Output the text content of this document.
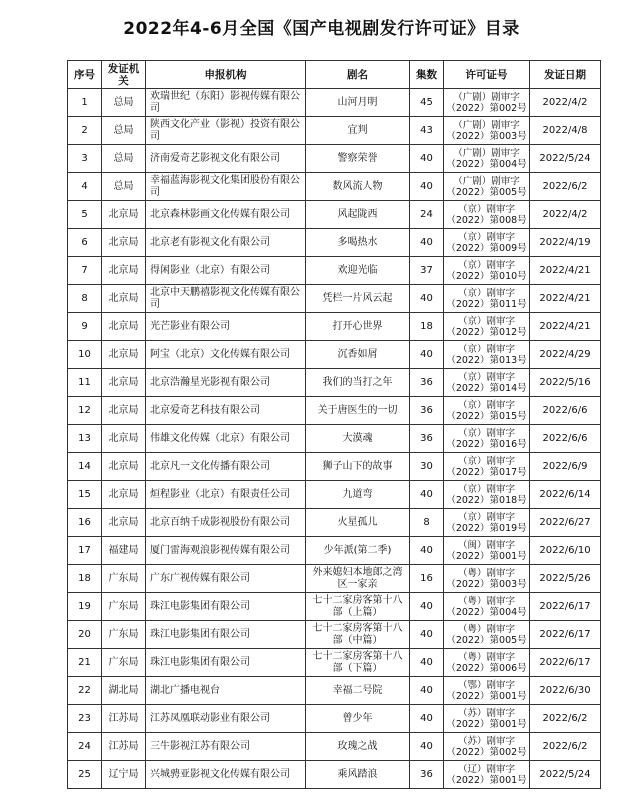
2022年4-6月全国《国产电视剧发行许可证》目录
序号	发证机关	申报机构	剧名	集数	许可证号	发证日期
1	总局	欢瑞世纪（东阳）影视传媒有限公司	山河月明	45	（广剧）剧审字
（2022）第002号	2022/4/2
2	总局	陕西文化产业（影视）投资有限公司	宜判	43	（广剧）剧审字
（2022）第003号	2022/4/8
3	总局	济南爱奇艺影视文化有限公司	警察荣誉	40	（广剧）剧审字
（2022）第004号	2022/5/24
4	总局	幸福蓝海影视文化集团股份有限公司	数风流人物	40	（广剧）剧审字
（2022）第005号	2022/6/2
5	北京局	北京森林影画文化传媒有限公司	风起陇西	24	（京）剧审字
（2022）第008号	2022/4/2
6	北京局	北京老有影视文化有限公司	多喝热水	40	（京）剧审字
（2022）第009号	2022/4/19
7	北京局	得闲影业（北京）有限公司	欢迎光临	37	（京）剧审字
（2022）第010号	2022/4/21
8	北京局	北京中天鹏禧影视文化传媒有限公司	凭栏一片风云起	40	（京）剧审字
（2022）第011号	2022/4/21
9	北京局	光芒影业有限公司	打开心世界	18	（京）剧审字
（2022）第012号	2022/4/21
10	北京局	阿宝（北京）文化传媒有限公司	沉香如屑	40	（京）剧审字
（2022）第013号	2022/4/29
11	北京局	北京浩瀚星光影视有限公司	我们的当打之年	36	（京）剧审字
（2022）第014号	2022/5/16
12	北京局	北京爱奇艺科技有限公司	关于唐医生的一切	36	（京）剧审字
（2022）第015号	2022/6/6
13	北京局	伟雄文化传媒（北京）有限公司	大漠魂	36	（京）剧审字
（2022）第016号	2022/6/6
14	北京局	北京凡一文化传播有限公司	狮子山下的故事	30	（京）剧审字
（2022）第017号	2022/6/9
15	北京局	烜程影业（北京）有限责任公司	九道弯	40	（京）剧审字
（2022）第018号	2022/6/14
16	北京局	北京百纳千成影视股份有限公司	火星孤儿	8	（京）剧审字
（2022）第019号	2022/6/27
17	福建局	厦门雷海观浪影视传媒有限公司	少年派(第二季)	40	（闽）剧审字
（2022）第001号	2022/6/10
18	广东局	广东广视传媒有限公司	外来媳妇本地郎之湾区一家亲	16	（粤）剧审字
（2022）第003号	2022/5/26
19	广东局	珠江电影集团有限公司	七十二家房客第十八部（上篇）	40	（粤）剧审字
（2022）第004号	2022/6/17
20	广东局	珠江电影集团有限公司	七十二家房客第十八部（中篇）	40	（粤）剧审字
（2022）第005号	2022/6/17
21	广东局	珠江电影集团有限公司	七十二家房客第十八部（下篇）	40	（粤）剧审字
（2022）第006号	2022/6/17
22	湖北局	湖北广播电视台	幸福二号院	40	（鄂）剧审字
（2022）第001号	2022/6/30
23	江苏局	江苏凤凰联动影业有限公司	曾少年	40	（苏）剧审字
（2022）第001号	2022/6/2
24	江苏局	三牛影视江苏有限公司	玫瑰之战	40	（苏）剧审字
（2022）第002号	2022/6/2
25	辽宁局	兴城骋亚影视文化传媒有限公司	乘风踏浪	36	（辽）剧审字
（2022）第001号	2022/5/24
